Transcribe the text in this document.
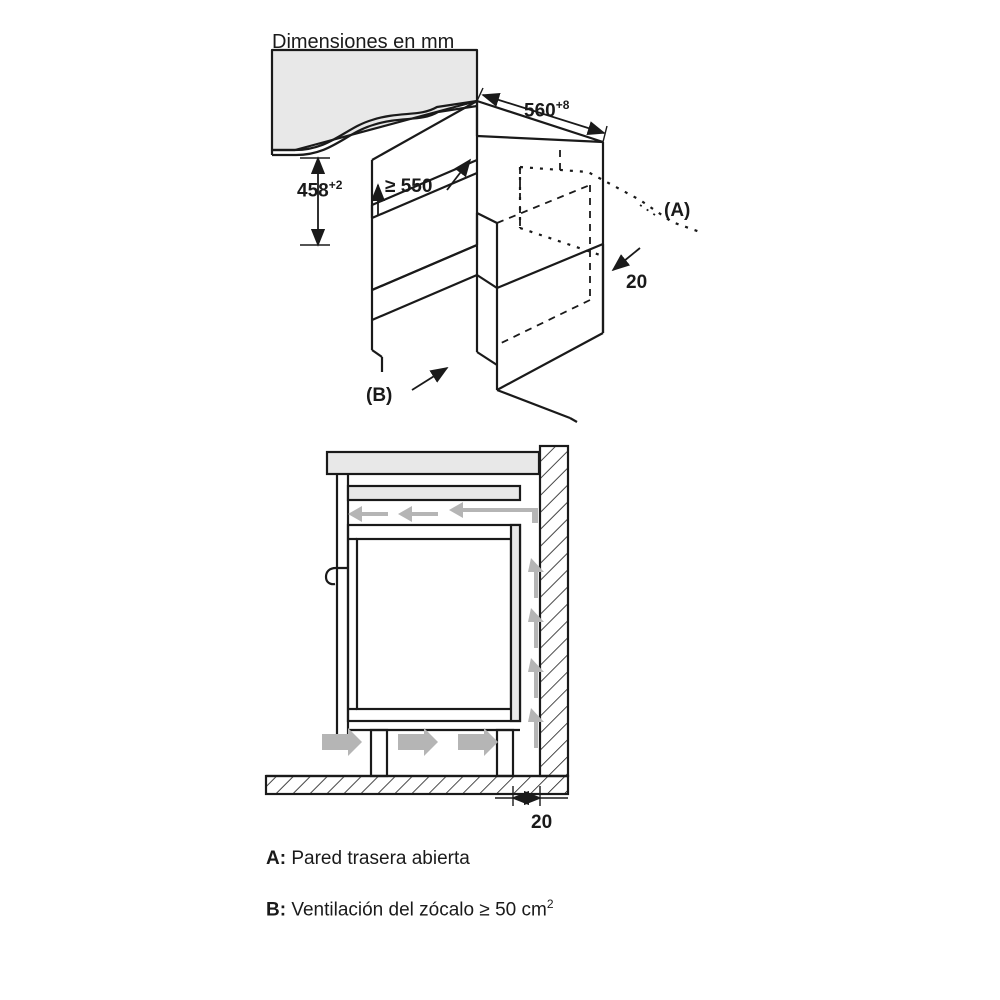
Dimensiones en mm
$560^{+8}$
$458^{+2} \ge 550$
20
20
(A)
(B)
A: Pared trasera abierta
B: Ventilación del zócalo ≥ 50 $cm^2$
